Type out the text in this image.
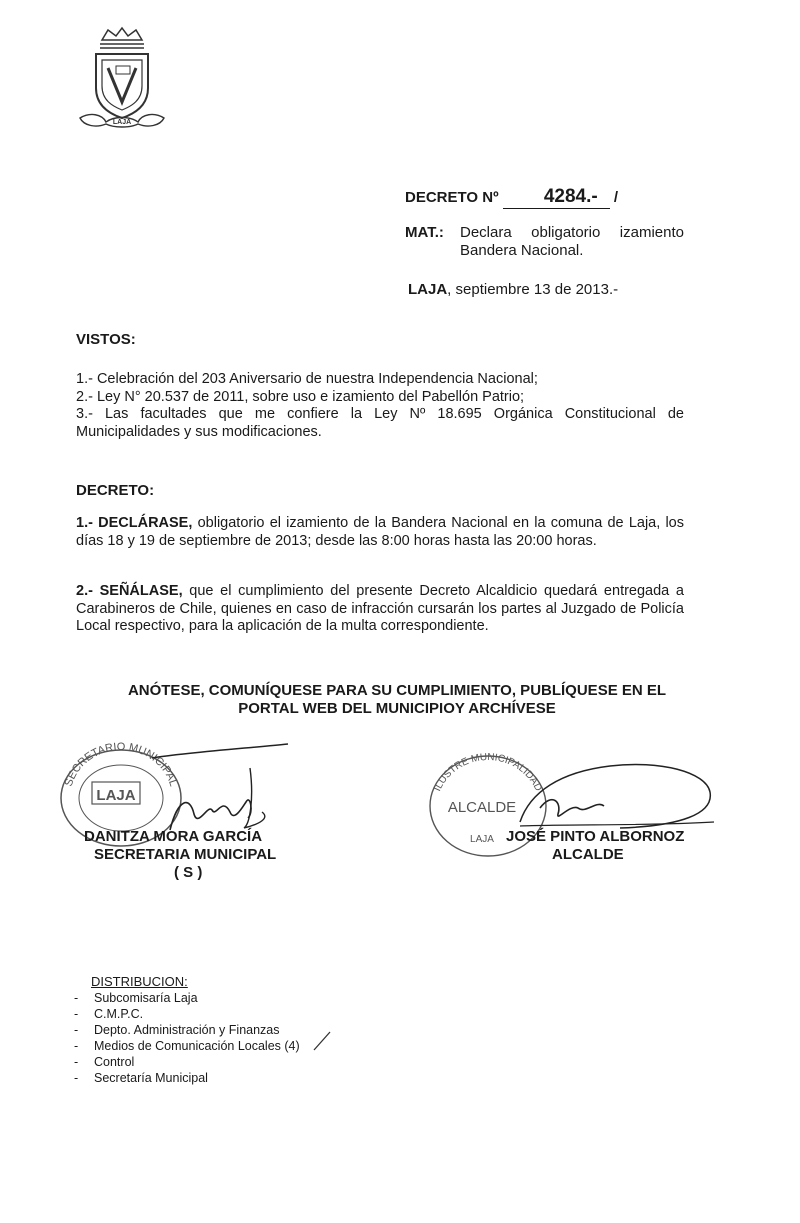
LAJA
DECRETO Nº 4284.- /
MAT.: Declara obligatorio izamiento Bandera Nacional.
LAJA, septiembre 13 de 2013.-
VISTOS:
1.- Celebración del 203 Aniversario de nuestra Independencia Nacional;
2.- Ley N° 20.537 de 2011, sobre uso e izamiento del Pabellón Patrio;
3.- Las facultades que me confiere la Ley Nº 18.695 Orgánica Constitucional de Municipalidades y sus modificaciones.
DECRETO:
1.- DECLÁRASE, obligatorio el izamiento de la Bandera Nacional en la comuna de Laja, los días 18 y 19 de septiembre de 2013; desde las 8:00 horas hasta las 20:00 horas.
2.- SEÑÁLASE, que el cumplimiento del presente Decreto Alcaldicio quedará entregada a Carabineros de Chile, quienes en caso de infracción cursarán los partes al Juzgado de Policía Local respectivo, para la aplicación de la multa correspondiente.
ANÓTESE, COMUNÍQUESE PARA SU CUMPLIMIENTO, PUBLÍQUESE EN EL
PORTAL WEB DEL MUNICIPIOY ARCHÍVESE
SECRETARIO MUNICIPAL
LAJA
DANITZA MORA GARCÍA
SECRETARIA MUNICIPAL
( S )
ILUSTRE MUNICIPALIDAD
ALCALDE
LAJA JOSÉ PINTO ALBORNOZ
ALCALDE
DISTRIBUCION:
- Subcomisaría Laja
- C.M.P.C.
- Depto. Administración y Finanzas
- Medios de Comunicación Locales (4)
- Control
- Secretaría Municipal
